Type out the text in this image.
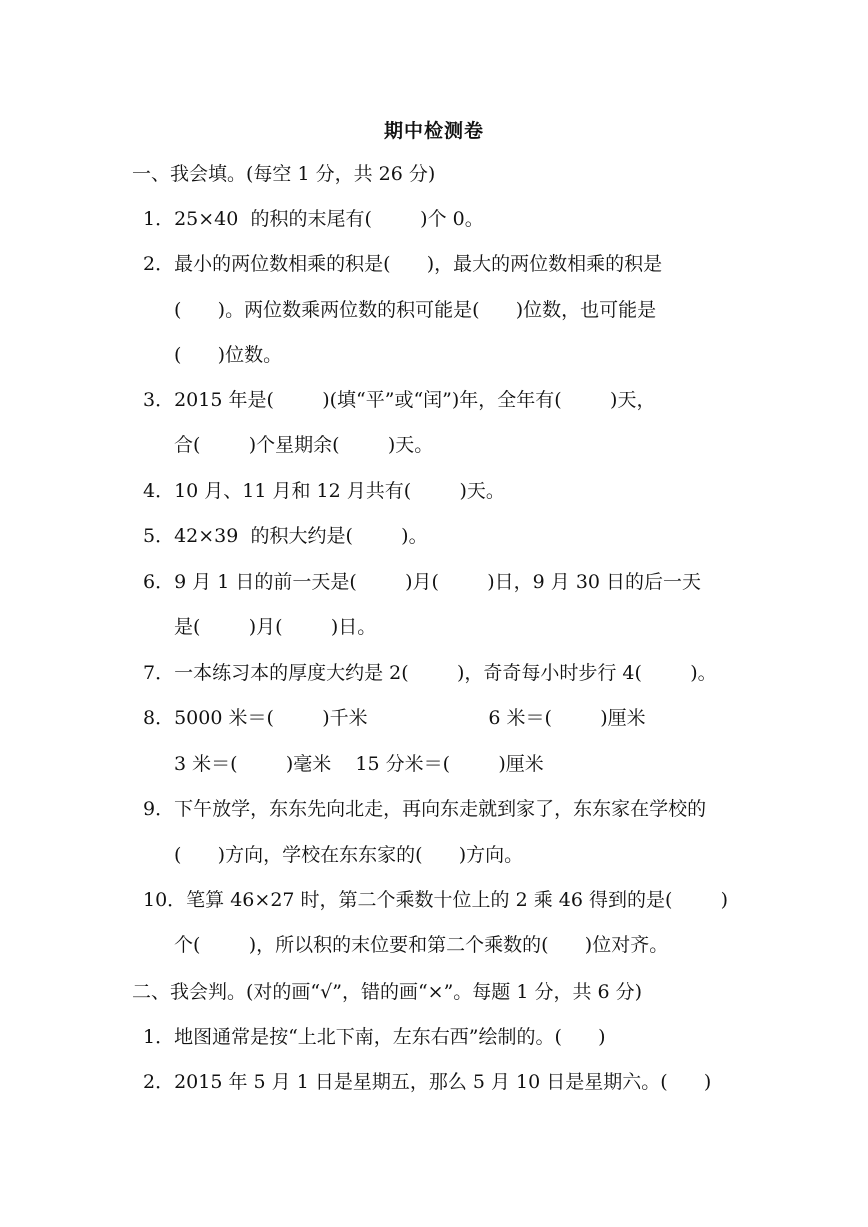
期中检测卷
一、我会填。(每空 1 分，共 26 分)
1．25×40  的积的末尾有(        )个 0。
2．最小的两位数相乘的积是(      )，最大的两位数相乘的积是
(      )。两位数乘两位数的积可能是(      )位数，也可能是
(      )位数。
3．2015 年是(        )(填“平”或“闰”)年，全年有(        )天，
合(        )个星期余(        )天。
4．10 月、11 月和 12 月共有(        )天。
5．42×39  的积大约是(        )。
6．9 月 1 日的前一天是(        )月(        )日，9 月 30 日的后一天
是(        )月(        )日。
7．一本练习本的厚度大约是 2(        )，奇奇每小时步行 4(        )。
8．5000 米＝(        )千米                    6 米＝(        )厘米
3 米＝(        )毫米    15 分米＝(        )厘米
9．下午放学，东东先向北走，再向东走就到家了，东东家在学校的
(      )方向，学校在东东家的(      )方向。
10．笔算 46×27 时，第二个乘数十位上的 2 乘 46 得到的是(        )
个(        )，所以积的末位要和第二个乘数的(      )位对齐。
二、我会判。(对的画“√”，错的画“×”。每题 1 分，共 6 分)
1．地图通常是按“上北下南，左东右西”绘制的。(      )
2．2015 年 5 月 1 日是星期五，那么 5 月 10 日是星期六。(      )
